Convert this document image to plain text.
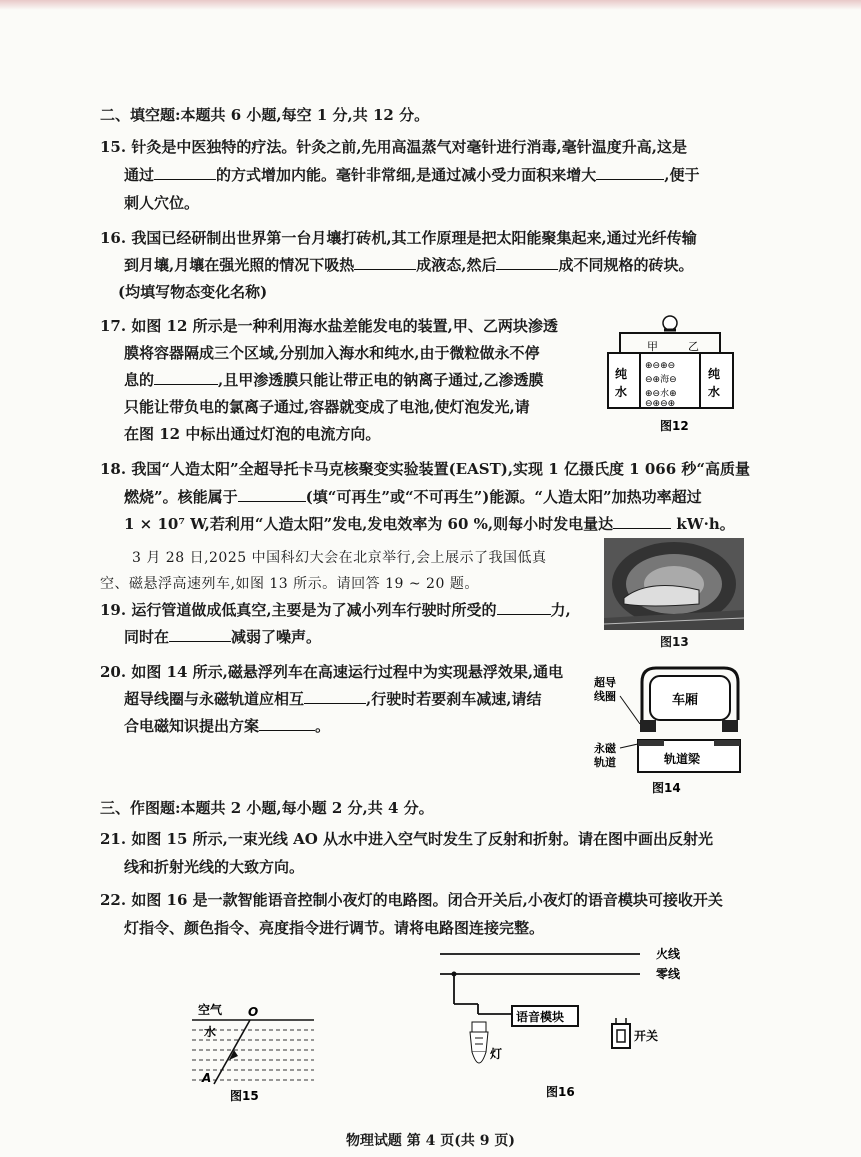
二、填空题:本题共 6 小题,每空 1 分,共 12 分。
15. 针灸是中医独特的疗法。针灸之前,先用高温蒸气对毫针进行消毒,毫针温度升高,这是
通过	的方式增加内能。毫针非常细,是通过减小受力面积来增大	,便于
刺人穴位。
16. 我国已经研制出世界第一台月壤打砖机,其工作原理是把太阳能聚集起来,通过光纤传输
到月壤,月壤在强光照的情况下吸热	成液态,然后	成不同规格的砖块。
(均填写物态变化名称)
17. 如图 12 所示是一种利用海水盐差能发电的装置,甲、乙两块渗透
膜将容器隔成三个区域,分别加入海水和纯水,由于微粒做永不停
息的	,且甲渗透膜只能让带正电的钠离子通过,乙渗透膜
只能让带负电的氯离子通过,容器就变成了电池,使灯泡发光,请
在图 12 中标出通过灯泡的电流方向。
甲	乙
纯
水
纯
水
⊕⊖⊕⊖
⊖⊕海⊖
⊕⊖水⊕
⊖⊕⊖⊕
图12
18. 我国“人造太阳”全超导托卡马克核聚变实验装置(EAST),实现 1 亿摄氏度 1 066 秒“高质量
燃烧”。核能属于	(填“可再生”或“不可再生”)能源。“人造太阳”加热功率超过
1 × 10⁷ W,若利用“人造太阳”发电,发电效率为 60 %,则每小时发电量达	kW·h。
3 月 28 日,2025 中国科幻大会在北京举行,会上展示了我国低真
空、磁悬浮高速列车,如图 13 所示。请回答 19 ~ 20 题。
图13
19. 运行管道做成低真空,主要是为了减小列车行驶时所受的	力,
同时在	减弱了噪声。
20. 如图 14 所示,磁悬浮列车在高速运行过程中为实现悬浮效果,通电
超导线圈与永磁轨道应相互	,行驶时若要刹车减速,请结
合电磁知识提出方案	。
车厢
轨道梁
超导
线圈
永磁
轨道
图14
三、作图题:本题共 2 小题,每小题 2 分,共 4 分。
21. 如图 15 所示,一束光线 AO 从水中进入空气时发生了反射和折射。请在图中画出反射光
线和折射光线的大致方向。
22. 如图 16 是一款智能语音控制小夜灯的电路图。闭合开关后,小夜灯的语音模块可接收开关
灯指令、颜色指令、亮度指令进行调节。请将电路图连接完整。
空气 O
水
A
图15
火线
零线
语音模块
灯
开关
图16
物理试题 第 4 页(共 9 页)
